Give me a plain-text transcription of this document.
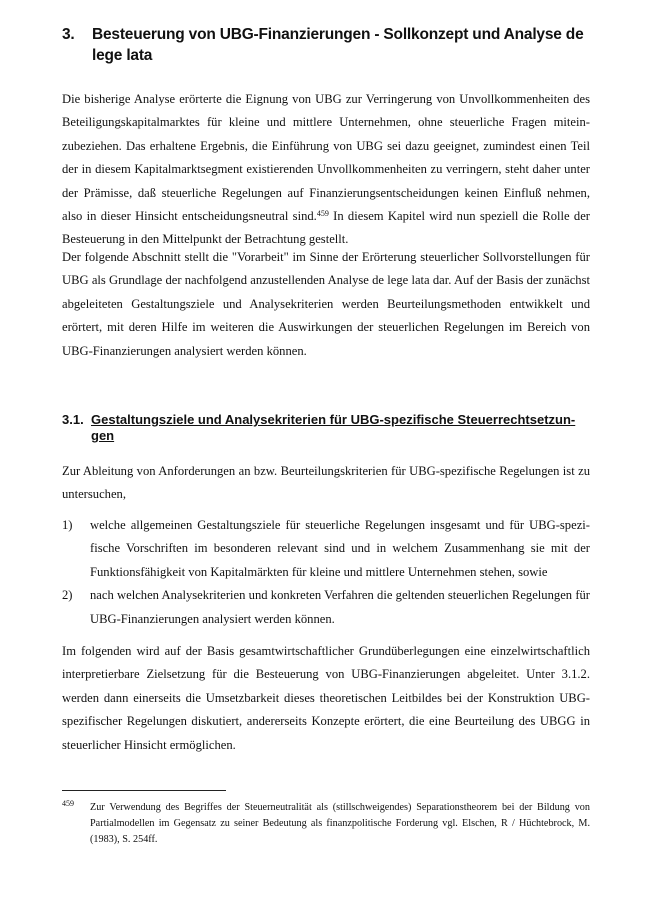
3. Besteuerung von UBG-Finanzierungen - Sollkonzept und Analyse de lege lata
Die bisherige Analyse erörterte die Eignung von UBG zur Verringerung von Unvollkommenheiten des Beteiligungskapitalmarktes für kleine und mittlere Unternehmen, ohne steuerliche Fragen miteinzubeziehen. Das erhaltene Ergebnis, die Einführung von UBG sei dazu geeignet, zumindest einen Teil der in diesem Kapitalmarktsegment existierenden Unvollkommenheiten zu verringern, steht daher unter der Prämisse, daß steuerliche Regelungen auf Finanzierungsentscheidungen keinen Einfluß nehmen, also in dieser Hinsicht entscheidungsneutral sind.$^{459}$ In diesem Kapitel wird nun speziell die Rolle der Besteuerung in den Mittelpunkt der Betrachtung gestellt.
Der folgende Abschnitt stellt die "Vorarbeit" im Sinne der Erörterung steuerlicher Sollvorstellungen für UBG als Grundlage der nachfolgend anzustellenden Analyse de lege lata dar. Auf der Basis der zunächst abgeleiteten Gestaltungsziele und Analysekriterien werden Beurteilungsmethoden entwikkelt und erörtert, mit deren Hilfe im weiteren die Auswirkungen der steuerlichen Regelungen im Bereich von UBG-Finanzierungen analysiert werden können.
3.1. Gestaltungsziele und Analysekriterien für UBG-spezifische Steuerrechtsetzungen
Zur Ableitung von Anforderungen an bzw. Beurteilungskriterien für UBG-spezifische Regelungen ist zu untersuchen,
1) welche allgemeinen Gestaltungsziele für steuerliche Regelungen insgesamt und für UBG-spezifische Vorschriften im besonderen relevant sind und in welchem Zusammenhang sie mit der Funktionsfähigkeit von Kapitalmärkten für kleine und mittlere Unternehmen stehen, sowie
2) nach welchen Analysekriterien und konkreten Verfahren die geltenden steuerlichen Regelungen für UBG-Finanzierungen analysiert werden können.
Im folgenden wird auf der Basis gesamtwirtschaftlicher Grundüberlegungen eine einzelwirtschaftlich interpretierbare Zielsetzung für die Besteuerung von UBG-Finanzierungen abgeleitet. Unter 3.1.2. werden dann einerseits die Umsetzbarkeit dieses theoretischen Leitbildes bei der Konstruktion UBG-spezifischer Regelungen diskutiert, andererseits Konzepte erörtert, die eine Beurteilung des UBGG in steuerlicher Hinsicht ermöglichen.
459 Zur Verwendung des Begriffes der Steuerneutralität als (stillschweigendes) Separationstheorem bei der Bildung von Partialmodellen im Gegensatz zu seiner Bedeutung als finanzpolitische Forderung vgl. Elschen, R / Hüchtebrock, M. (1983), S. 254ff.
